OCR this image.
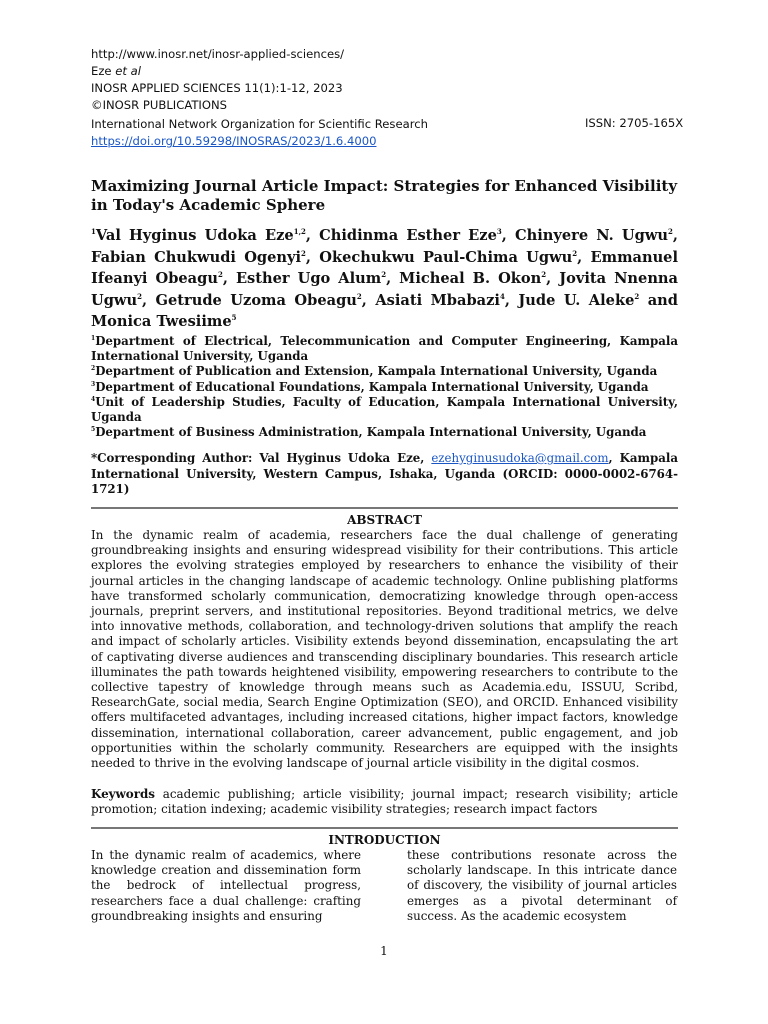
http://www.inosr.net/inosr-applied-sciences/
Eze et al
INOSR APPLIED SCIENCES 11(1):1-12, 2023
©INOSR PUBLICATIONS
International Network Organization for Scientific Research	ISSN: 2705-165X
https://doi.org/10.59298/INOSRAS/2023/1.6.4000
Maximizing Journal Article Impact: Strategies for Enhanced Visibility in Today's Academic Sphere

$^1$Val Hyginus Udoka Eze$^{1,2}$, Chidinma Esther Eze$^3$, Chinyere N. Ugwu$^2$, Fabian Chukwudi Ogenyi$^2$, Okechukwu Paul-Chima Ugwu$^2$, Emmanuel Ifeanyi Obeagu$^2$, Esther Ugo Alum$^2$, Micheal B. Okon$^2$, Jovita Nnenna Ugwu$^2$, Getrude Uzoma Obeagu$^2$, Asiati Mbabazi$^4$, Jude U. Aleke$^2$ and Monica Twesiime$^5$

$^1$Department of Electrical, Telecommunication and Computer Engineering, Kampala International University, Uganda

$^2$Department of Publication and Extension, Kampala International University, Uganda

$^3$Department of Educational Foundations, Kampala International University, Uganda

$^4$Unit of Leadership Studies, Faculty of Education, Kampala International University, Uganda

$^5$Department of Business Administration, Kampala International University, Uganda

*Corresponding Author: Val Hyginus Udoka Eze, ezehyginusudoka@gmail.com, Kampala International University, Western Campus, Ishaka, Uganda (ORCID: 0000-0002-6764-1721)

ABSTRACT

In the dynamic realm of academia, researchers face the dual challenge of generating groundbreaking insights and ensuring widespread visibility for their contributions. This article explores the evolving strategies employed by researchers to enhance the visibility of their journal articles in the changing landscape of academic technology. Online publishing platforms have transformed scholarly communication, democratizing knowledge through open-access journals, preprint servers, and institutional repositories. Beyond traditional metrics, we delve into innovative methods, collaboration, and technology-driven solutions that amplify the reach and impact of scholarly articles. Visibility extends beyond dissemination, encapsulating the art of captivating diverse audiences and transcending disciplinary boundaries. This research article illuminates the path towards heightened visibility, empowering researchers to contribute to the collective tapestry of knowledge through means such as Academia.edu, ISSUU, Scribd, ResearchGate, social media, Search Engine Optimization (SEO), and ORCID. Enhanced visibility offers multifaceted advantages, including increased citations, higher impact factors, knowledge dissemination, international collaboration, career advancement, public engagement, and job opportunities within the scholarly community. Researchers are equipped with the insights needed to thrive in the evolving landscape of journal article visibility in the digital cosmos.

Keywords academic publishing; article visibility; journal impact; research visibility; article promotion; citation indexing; academic visibility strategies; research impact factors

INTRODUCTION

In the dynamic realm of academics, where knowledge creation and dissemination form the bedrock of intellectual progress, researchers face a dual challenge: crafting groundbreaking insights and ensuring

these contributions resonate across the scholarly landscape. In this intricate dance of discovery, the visibility of journal articles emerges as a pivotal determinant of success. As the academic ecosystem

1
